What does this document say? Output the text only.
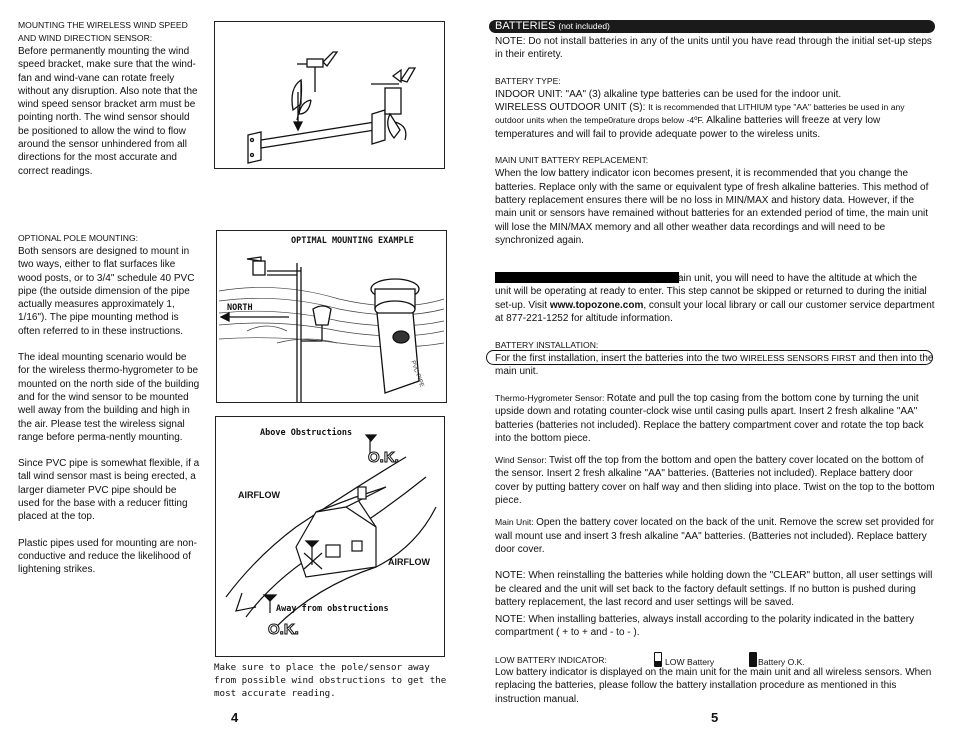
MOUNTING THE WIRELESS WIND SPEED AND WIND DIRECTION SENSOR:
Before permanently mounting the wind speed bracket, make sure that the wind-fan and wind-vane can rotate freely without any disruption. Also note that the wind speed sensor bracket arm must be pointing north. The wind sensor should be positioned to allow the wind to flow around the sensor unhindered from all directions for the most accurate and correct readings.
OPTIONAL POLE MOUNTING:
Both sensors are designed to mount in two ways, either to flat surfaces like wood posts, or to 3/4" schedule 40 PVC pipe (the outside dimension of the pipe actually measures approximately 1, 1/16"). The pipe mounting method is often referred to in these instructions.
The ideal mounting scenario would be for the wireless thermo-hygrometer to be mounted on the north side of the building and for the wind sensor to be mounted well away from the building and high in the air. Please test the wireless signal range before perma-nently mounting.
Since PVC pipe is somewhat flexible, if a tall wind sensor mast is being erected, a larger diameter PVC pipe should be used for the base with a reducer fitting placed at the top.
Plastic pipes used for mounting are non-conductive and reduce the likelihood of lightening strikes.
OPTIMAL MOUNTING EXAMPLE
NORTH
PVC PIPE
Above Obstructions
O.K.
AIRFLOW
AIRFLOW
Away from obstructions
O.K.
Make sure to place the pole/sensor away from possible wind obstructions to get the most accurate reading.
4
BATTERIES (not included)
NOTE: Do not install batteries in any of the units until you have read through the initial set-up steps in their entirety.
BATTERY TYPE:
INDOOR UNIT: "AA" (3) alkaline type batteries can be used for the indoor unit.
WIRELESS OUTDOOR UNIT (S): It is recommended that LITHIUM type "AA" batteries be used in any outdoor units when the tempe0rature drops below -4ºF. Alkaline batteries will freeze at very low temperatures and will fail to provide adequate power to the wireless units.
MAIN UNIT BATTERY REPLACEMENT:
When the low battery indicator icon becomes present, it is recommended that you change the batteries. Replace only with the same or equivalent type of fresh alkaline batteries. This method of battery replacement ensures there will be no loss in MIN/MAX and history data. However, if the main unit or sensors have remained without batteries for an extended period of time, the main unit will lose the MIN/MAX memory and all other weather data recordings and will need to be synchronized again.
ain unit, you will need to have the altitude at which the unit will be operating at ready to enter. This step cannot be skipped or returned to during the initial set-up. Visit www.topozone.com, consult your local library or call our customer service department at 877-221-1252 for altitude information.
BATTERY INSTALLATION:
For the first installation, insert the batteries into the two WIRELESS SENSORS FIRST and then into the main unit.
Thermo-Hygrometer Sensor: Rotate and pull the top casing from the bottom cone by turning the unit upside down and rotating counter-clock wise until casing pulls apart. Insert 2 fresh alkaline "AA" batteries (batteries not included). Replace the battery compartment cover and rotate the top back into the bottom piece.
Wind Sensor: Twist off the top from the bottom and open the battery cover located on the bottom of the sensor. Insert 2 fresh alkaline "AA" batteries. (Batteries not included). Replace battery door cover by putting battery cover on half way and then sliding into place. Twist on the top to the bottom piece.
Main Unit: Open the battery cover located on the back of the unit. Remove the screw set provided for wall mount use and insert 3 fresh alkaline "AA" batteries. (Batteries not included). Replace battery door cover.
NOTE: When reinstalling the batteries while holding down the "CLEAR" button, all user settings will be cleared and the unit will set back to the factory default settings. If no button is pushed during battery replacement, the last record and user settings will be saved.
NOTE: When installing batteries, always install according to the polarity indicated in the battery compartment ( + to + and - to - ).
LOW BATTERY INDICATOR:	LOW Battery	Battery O.K.
Low battery indicator is displayed on the main unit for the main unit and all wireless sensors. When replacing the batteries, please follow the battery installation procedure as mentioned in this instruction manual.
5
